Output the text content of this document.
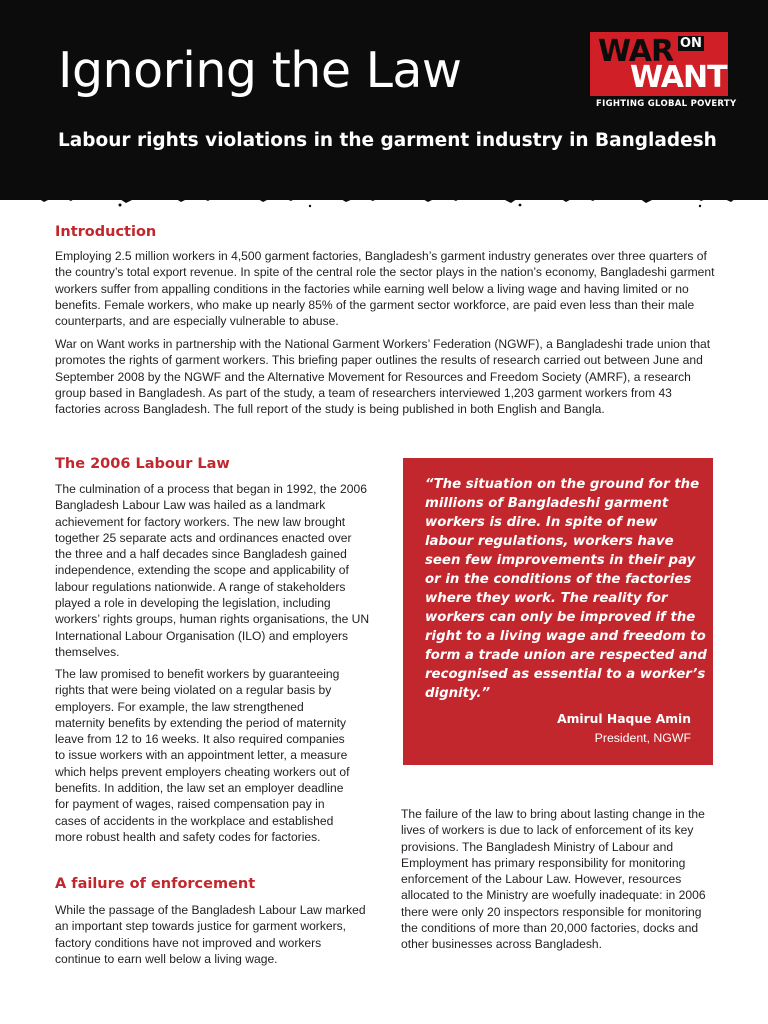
Ignoring the Law
Labour rights violations in the garment industry in Bangladesh
WAR ON
WANT
FIGHTING GLOBAL POVERTY
Introduction

Employing 2.5 million workers in 4,500 garment factories, Bangladesh’s garment industry generates over three quarters of the country’s total export revenue. In spite of the central role the sector plays in the nation’s economy, Bangladeshi garment workers suffer from appalling conditions in the factories while earning well below a living wage and having limited or no benefits. Female workers, who make up nearly 85% of the garment sector workforce, are paid even less than their male counterparts, and are especially vulnerable to abuse.

War on Want works in partnership with the National Garment Workers’ Federation (NGWF), a Bangladeshi trade union that promotes the rights of garment workers. This briefing paper outlines the results of research carried out between June and September 2008 by the NGWF and the Alternative Movement for Resources and Freedom Society (AMRF), a research group based in Bangladesh. As part of the study, a team of researchers interviewed 1,203 garment workers from 43 factories across Bangladesh. The full report of the study is being published in both English and Bangla.

The 2006 Labour Law

The culmination of a process that began in 1992, the 2006 Bangladesh Labour Law was hailed as a landmark achievement for factory workers. The new law brought together 25 separate acts and ordinances enacted over the three and a half decades since Bangladesh gained independence, extending the scope and applicability of labour regulations nationwide. A range of stakeholders played a role in developing the legislation, including workers’ rights groups, human rights organisations, the UN International Labour Organisation (ILO) and employers themselves.

The law promised to benefit workers by guaranteeing rights that were being violated on a regular basis by employers. For example, the law strengthened maternity benefits by extending the period of maternity leave from 12 to 16 weeks. It also required companies to issue workers with an appointment letter, a measure which helps prevent employers cheating workers out of benefits. In addition, the law set an employer deadline for payment of wages, raised compensation pay in cases of accidents in the workplace and established more robust health and safety codes for factories.

A failure of enforcement

While the passage of the Bangladesh Labour Law marked an important step towards justice for garment workers, factory conditions have not improved and workers continue to earn well below a living wage.

“The situation on the ground for the millions of Bangladeshi garment workers is dire. In spite of new labour regulations, workers have seen few improvements in their pay or in the conditions of the factories where they work. The reality for workers can only be improved if the right to a living wage and freedom to form a trade union are respected and recognised as essential to a worker’s dignity.”

Amirul Haque Amin

President, NGWF

The failure of the law to bring about lasting change in the lives of workers is due to lack of enforcement of its key provisions. The Bangladesh Ministry of Labour and Employment has primary responsibility for monitoring enforcement of the Labour Law. However, resources allocated to the Ministry are woefully inadequate: in 2006 there were only 20 inspectors responsible for monitoring the conditions of more than 20,000 factories, docks and other businesses across Bangladesh.
